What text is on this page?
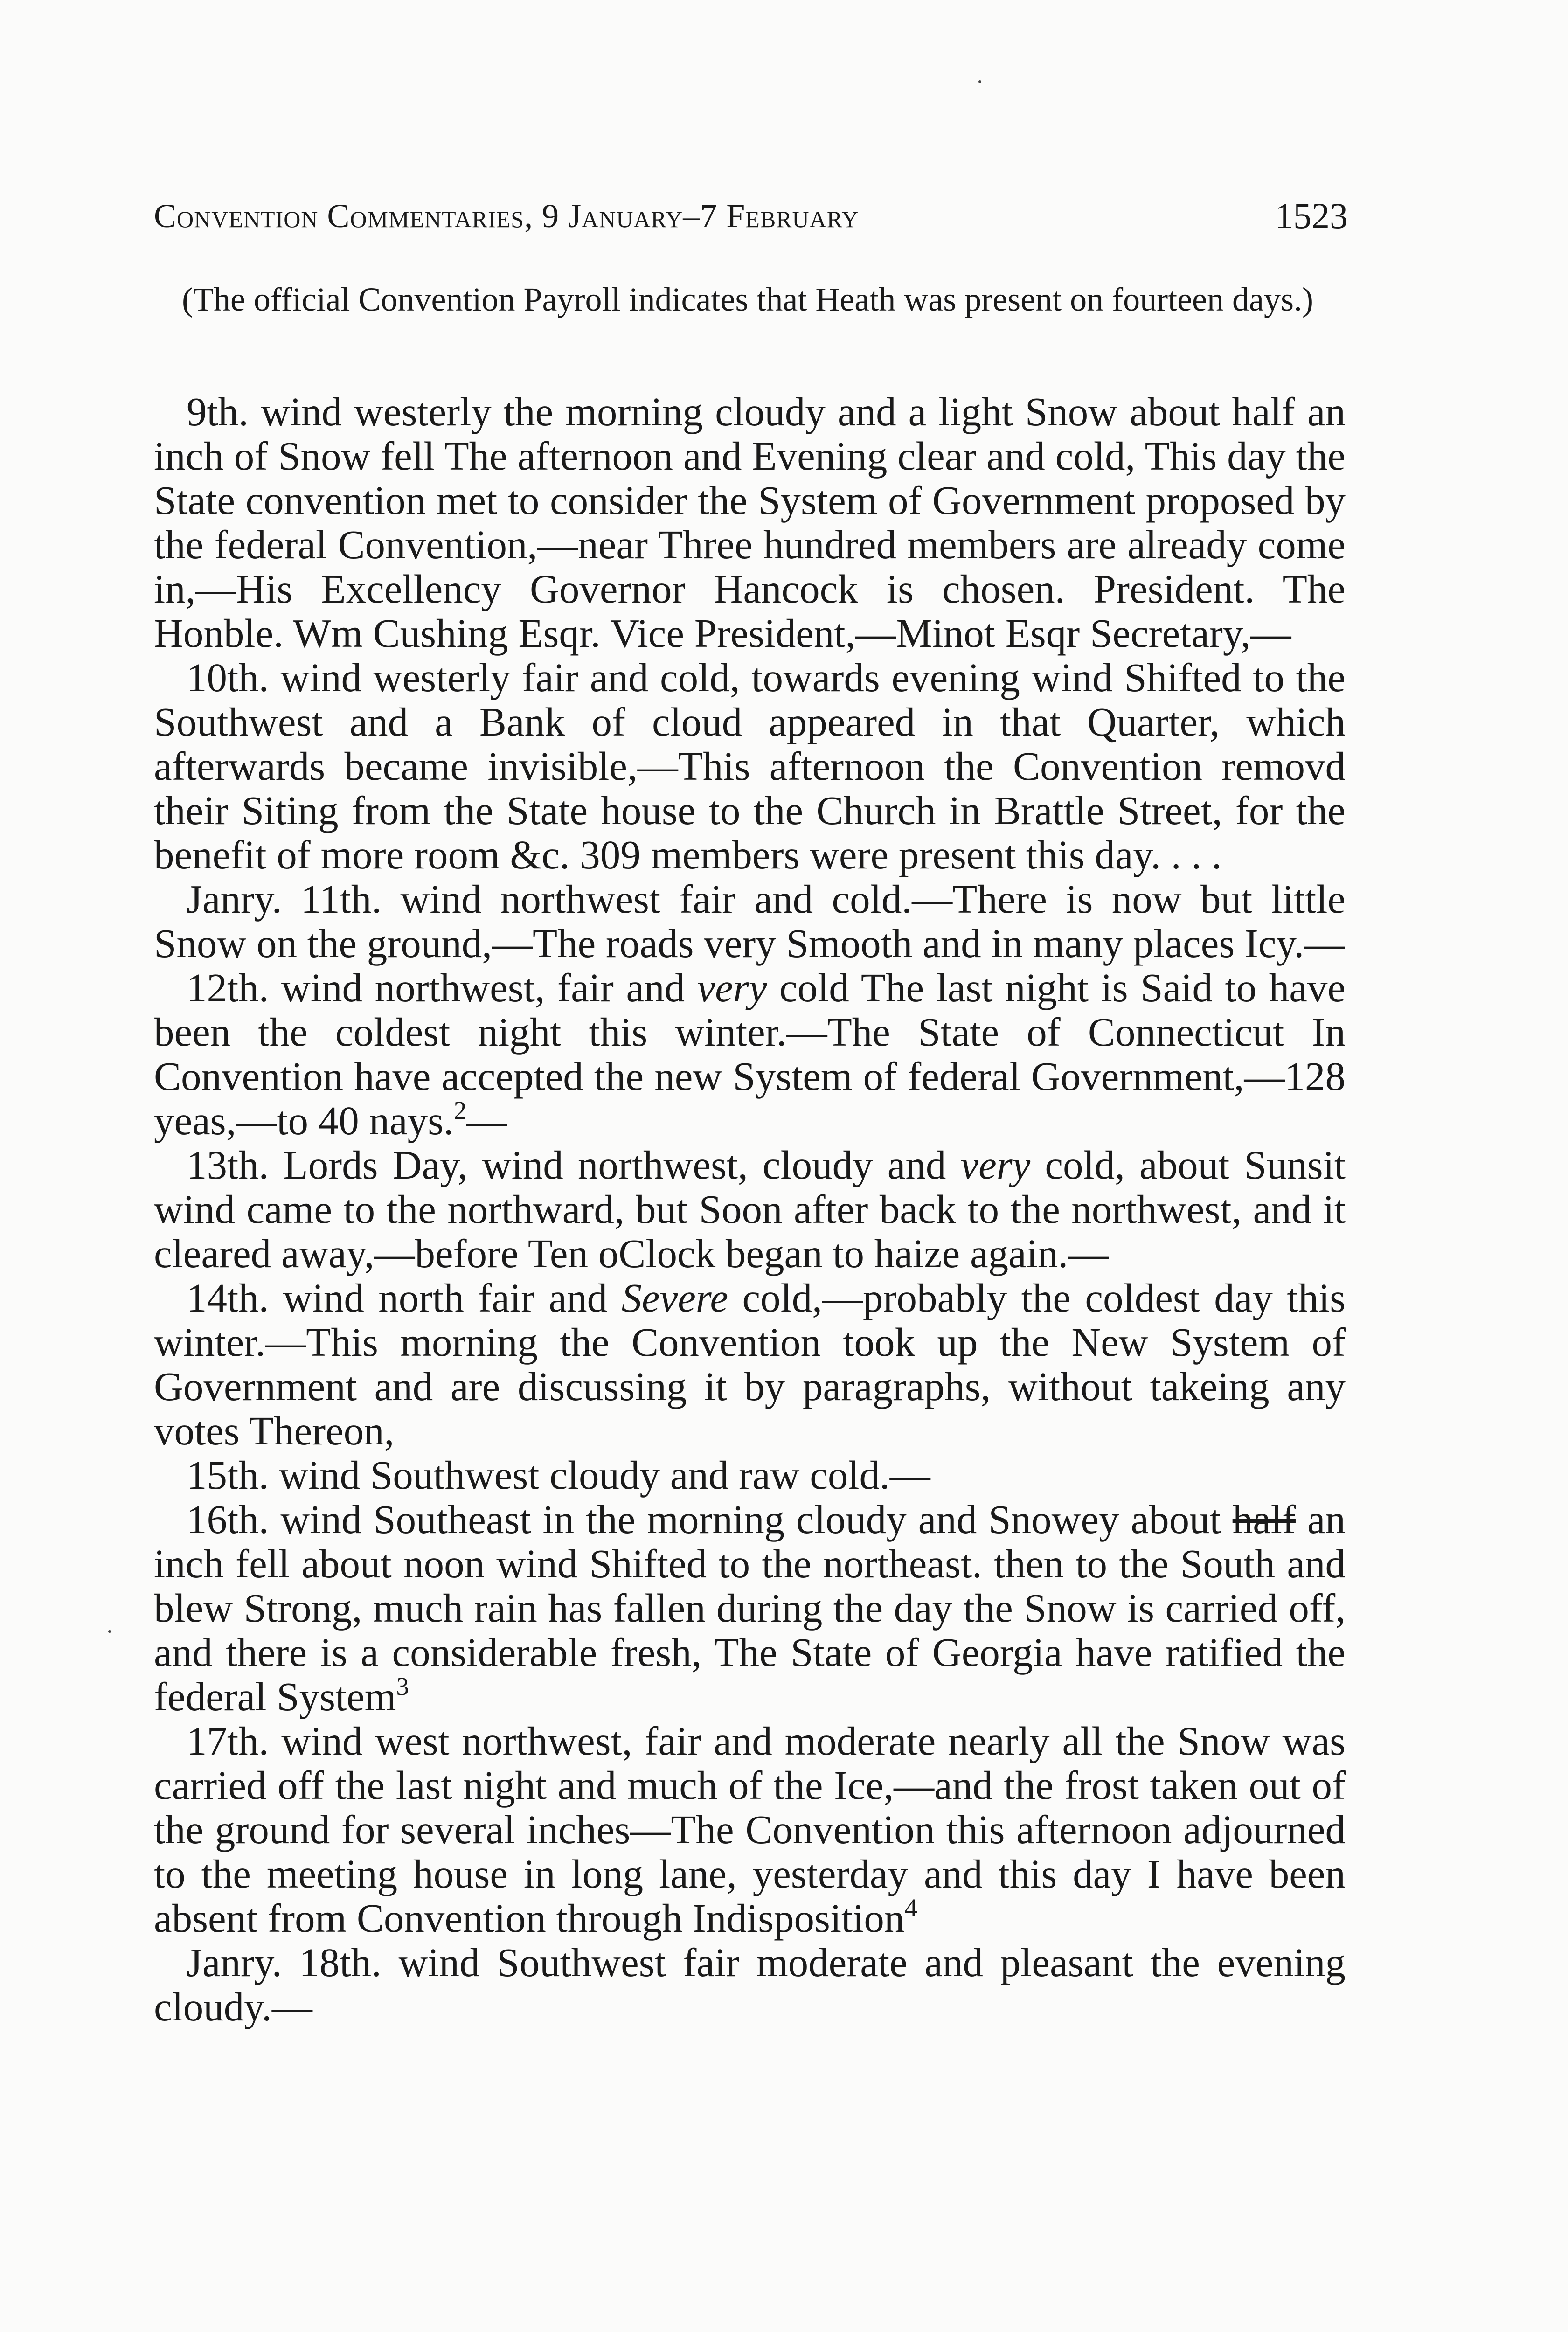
Convention Commentaries, 9 January–7 February	1523
(The official Convention Payroll indicates that Heath was present on fourteen days.)

9th. wind westerly the morning cloudy and a light Snow about half an inch of Snow fell The afternoon and Evening clear and cold, This day the State convention met to consider the System of Government proposed by the federal Convention,—near Three hundred members are already come in,—His Excellency Governor Hancock is chosen. President. The Honble. Wm Cushing Esqr. Vice President,—Minot Esqr Secretary,—

10th. wind westerly fair and cold, towards evening wind Shifted to the Southwest and a Bank of cloud appeared in that Quarter, which afterwards became invisible,—This afternoon the Convention removd their Siting from the State house to the Church in Brattle Street, for the benefit of more room &c. 309 members were present this day. . . .

Janry. 11th. wind northwest fair and cold.—There is now but little Snow on the ground,—The roads very Smooth and in many places Icy.—

12th. wind northwest, fair and very cold The last night is Said to have been the coldest night this winter.—The State of Connecticut In Convention have accepted the new System of federal Government,—128 yeas,—to 40 nays.$^2$—

13th. Lords Day, wind northwest, cloudy and very cold, about Sunsit wind came to the northward, but Soon after back to the northwest, and it cleared away,—before Ten oClock began to haize again.—

14th. wind north fair and Severe cold,—probably the coldest day this winter.—This morning the Convention took up the New System of Government and are discussing it by paragraphs, without takeing any votes Thereon,

15th. wind Southwest cloudy and raw cold.—

16th. wind Southeast in the morning cloudy and Snowey about half an inch fell about noon wind Shifted to the northeast. then to the South and blew Strong, much rain has fallen during the day the Snow is carried off, and there is a considerable fresh, The State of Georgia have ratified the federal System$^3$

17th. wind west northwest, fair and moderate nearly all the Snow was carried off the last night and much of the Ice,—and the frost taken out of the ground for several inches—The Convention this afternoon adjourned to the meeting house in long lane, yesterday and this day I have been absent from Convention through Indisposition$^4$

Janry. 18th. wind Southwest fair moderate and pleasant the evening cloudy.—
